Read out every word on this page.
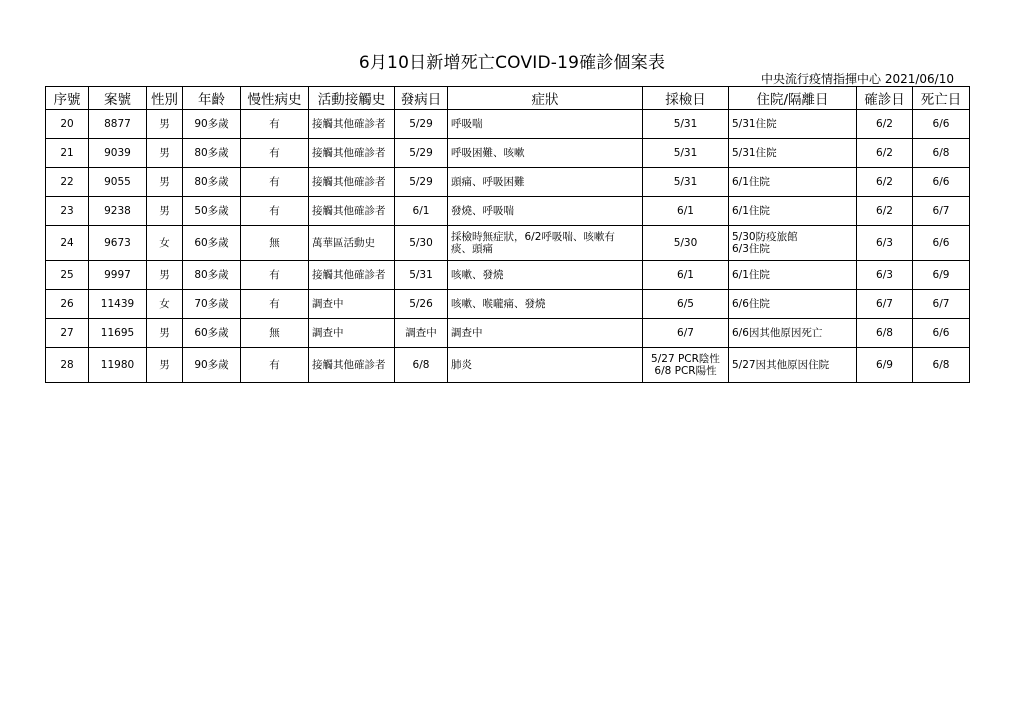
6月10日新增死亡COVID-19確診個案表
中央流行疫情指揮中心 2021/06/10
序號	案號	性別	年齡	慢性病史	活動接觸史	發病日	症狀	採檢日	住院/隔離日	確診日	死亡日
20	8877	男	90多歲	有	接觸其他確診者	5/29	呼吸喘	5/31	5/31住院	6/2	6/6
21	9039	男	80多歲	有	接觸其他確診者	5/29	呼吸困難、咳嗽	5/31	5/31住院	6/2	6/8
22	9055	男	80多歲	有	接觸其他確診者	5/29	頭痛、呼吸困難	5/31	6/1住院	6/2	6/6
23	9238	男	50多歲	有	接觸其他確診者	6/1	發燒、呼吸喘	6/1	6/1住院	6/2	6/7
24	9673	女	60多歲	無	萬華區活動史	5/30	採檢時無症狀，6/2呼吸喘、咳嗽有
痰、頭痛	5/30	5/30防疫旅館
6/3住院	6/3	6/6
25	9997	男	80多歲	有	接觸其他確診者	5/31	咳嗽、發燒	6/1	6/1住院	6/3	6/9
26	11439	女	70多歲	有	調查中	5/26	咳嗽、喉嚨痛、發燒	6/5	6/6住院	6/7	6/7
27	11695	男	60多歲	無	調查中	調查中	調查中	6/7	6/6因其他原因死亡	6/8	6/6
28	11980	男	90多歲	有	接觸其他確診者	6/8	肺炎	5/27 PCR陰性
6/8 PCR陽性	5/27因其他原因住院	6/9	6/8
